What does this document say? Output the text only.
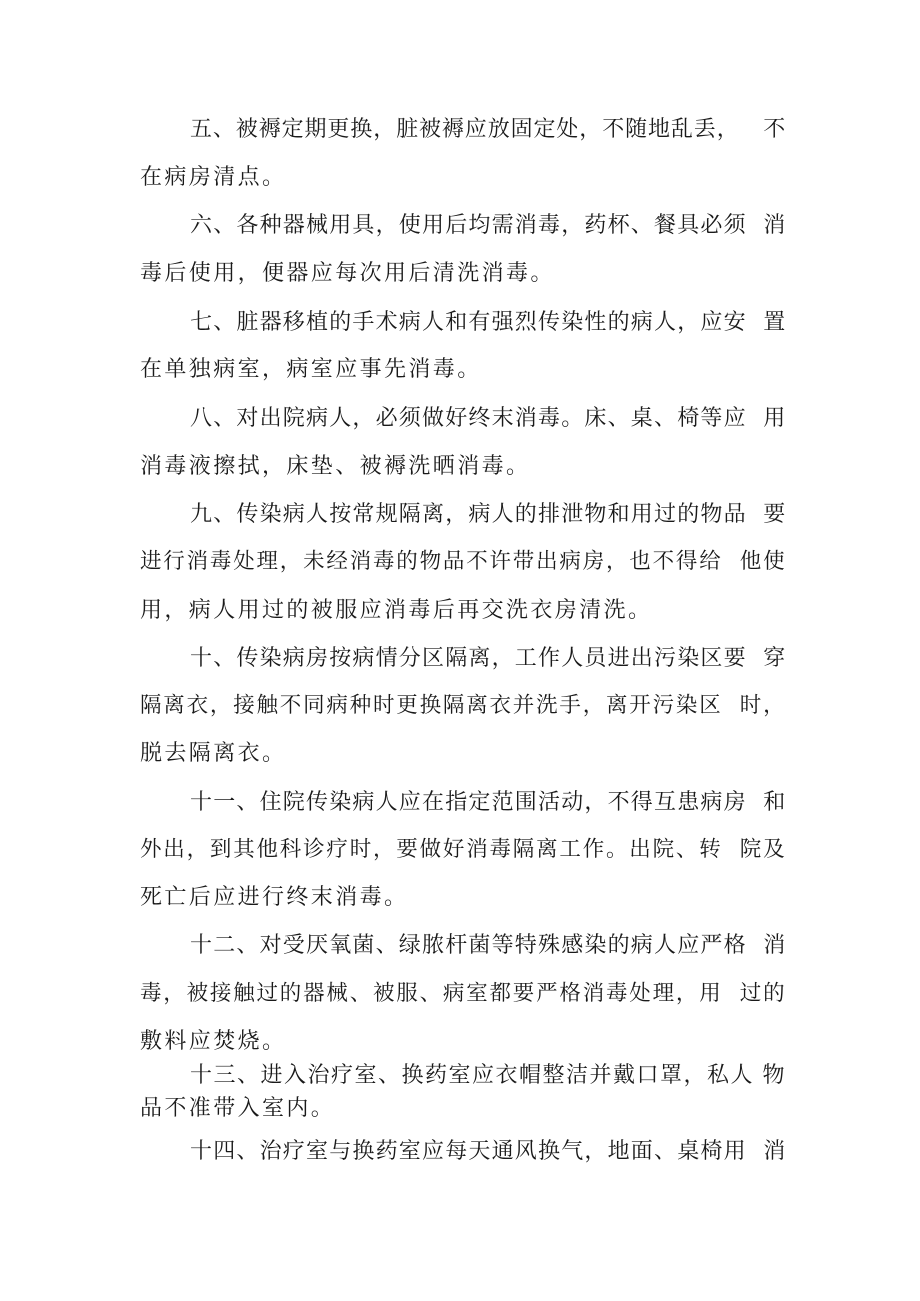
五、被褥定期更换，脏被褥应放固定处，不随地乱丢，   不
在病房清点。
六、各种器械用具，使用后均需消毒，药杯、餐具必须  消
毒后使用，便器应每次用后清洗消毒。
七、脏器移植的手术病人和有强烈传染性的病人，应安  置
在单独病室，病室应事先消毒。
八、对出院病人，必须做好终末消毒。床、桌、椅等应  用
消毒液擦拭，床垫、被褥洗晒消毒。
九、传染病人按常规隔离，病人的排泄物和用过的物品  要
进行消毒处理，未经消毒的物品不许带出病房，也不得给  他使
用，病人用过的被服应消毒后再交洗衣房清洗。
十、传染病房按病情分区隔离，工作人员进出污染区要  穿
隔离衣，接触不同病种时更换隔离衣并洗手，离开污染区  时，
脱去隔离衣。
十一、住院传染病人应在指定范围活动，不得互患病房  和
外出，到其他科诊疗时，要做好消毒隔离工作。出院、转  院及
死亡后应进行终末消毒。
十二、对受厌氧菌、绿脓杆菌等特殊感染的病人应严格  消
毒，被接触过的器械、被服、病室都要严格消毒处理，用  过的
敷料应焚烧。
十三、进入治疗室、换药室应衣帽整洁并戴口罩，私人 物
品不准带入室内。
十四、治疗室与换药室应每天通风换气，地面、桌椅用  消
